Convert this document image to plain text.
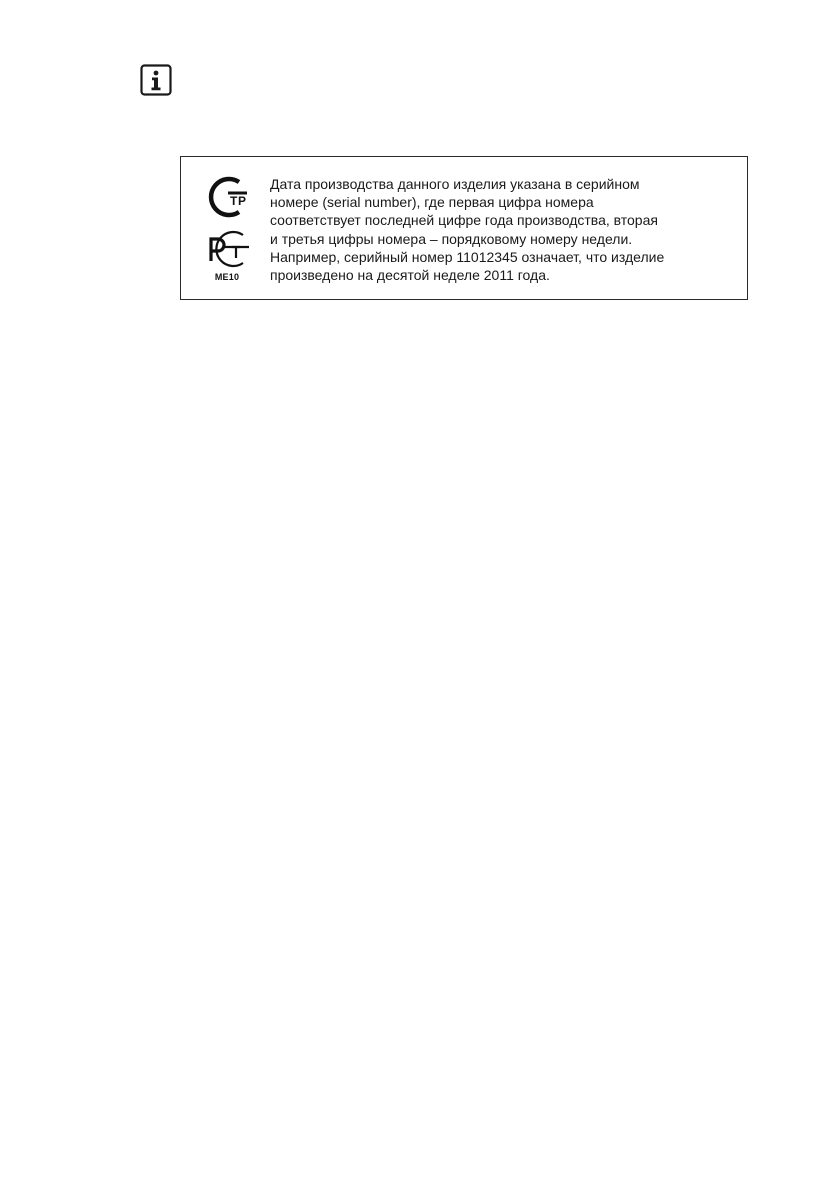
Т Р
ME10

Дата производства данного изделия указана в серийном
номере (serial number), где первая цифра номера
соответствует последней цифре года производства, вторая
и третья цифры номера – порядковому номеру недели.
Например, серийный номер 11012345 означает, что изделие
произведено на десятой неделе 2011 года.
